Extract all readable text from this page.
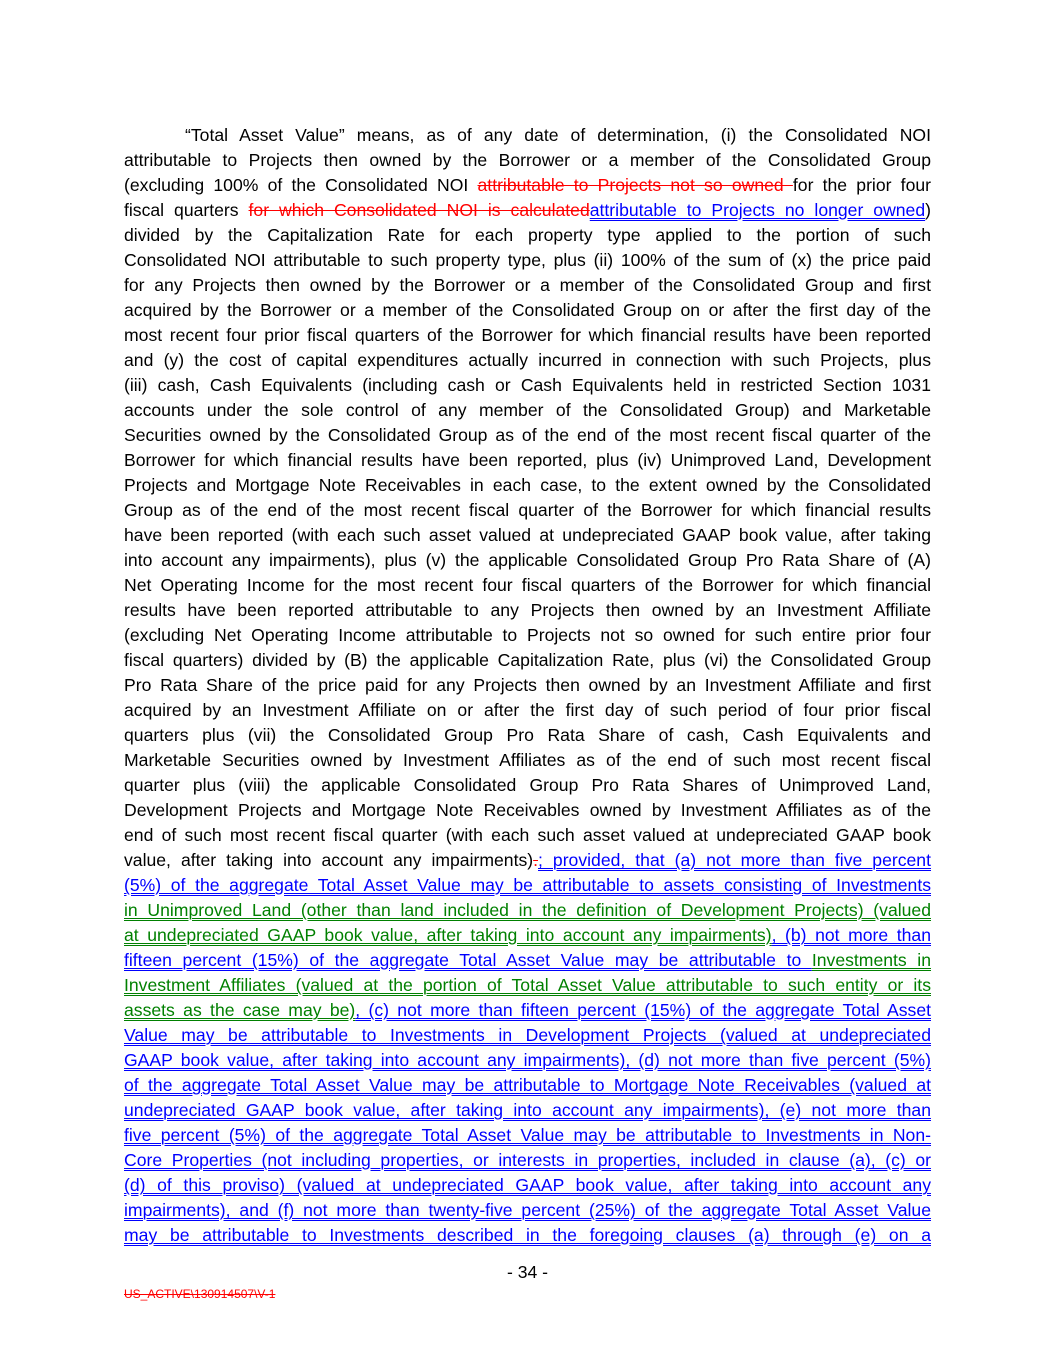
“Total Asset Value” means, as of any date of determination, (i) the Consolidated NOI
attributable to Projects then owned by the Borrower or a member of the Consolidated Group
(excluding 100% of the Consolidated NOI attributable to Projects not so owned for the prior four
fiscal quarters for which Consolidated NOI is calculatedattributable to Projects no longer owned)
divided by the Capitalization Rate for each property type applied to the portion of such
Consolidated NOI attributable to such property type, plus (ii) 100% of the sum of (x) the price paid
for any Projects then owned by the Borrower or a member of the Consolidated Group and first
acquired by the Borrower or a member of the Consolidated Group on or after the first day of the
most recent four prior fiscal quarters of the Borrower for which financial results have been reported
and (y) the cost of capital expenditures actually incurred in connection with such Projects, plus
(iii) cash, Cash Equivalents (including cash or Cash Equivalents held in restricted Section 1031
accounts under the sole control of any member of the Consolidated Group) and Marketable
Securities owned by the Consolidated Group as of the end of the most recent fiscal quarter of the
Borrower for which financial results have been reported, plus (iv) Unimproved Land, Development
Projects and Mortgage Note Receivables in each case, to the extent owned by the Consolidated
Group as of the end of the most recent fiscal quarter of the Borrower for which financial results
have been reported (with each such asset valued at undepreciated GAAP book value, after taking
into account any impairments), plus (v) the applicable Consolidated Group Pro Rata Share of (A)
Net Operating Income for the most recent four fiscal quarters of the Borrower for which financial
results have been reported attributable to any Projects then owned by an Investment Affiliate
(excluding Net Operating Income attributable to Projects not so owned for such entire prior four
fiscal quarters) divided by (B) the applicable Capitalization Rate, plus (vi) the Consolidated Group
Pro Rata Share of the price paid for any Projects then owned by an Investment Affiliate and first
acquired by an Investment Affiliate on or after the first day of such period of four prior fiscal
quarters plus (vii) the Consolidated Group Pro Rata Share of cash, Cash Equivalents and
Marketable Securities owned by Investment Affiliates as of the end of such most recent fiscal
quarter plus (viii) the applicable Consolidated Group Pro Rata Shares of Unimproved Land,
Development Projects and Mortgage Note Receivables owned by Investment Affiliates as of the
end of such most recent fiscal quarter (with each such asset valued at undepreciated GAAP book
value, after taking into account any impairments).; provided, that (a) not more than five percent
(5%) of the aggregate Total Asset Value may be attributable to assets consisting of Investments
in Unimproved Land (other than land included in the definition of Development Projects) (valued
at undepreciated GAAP book value, after taking into account any impairments), (b) not more than
fifteen percent (15%) of the aggregate Total Asset Value may be attributable to Investments in
Investment Affiliates (valued at the portion of Total Asset Value attributable to such entity or its
assets as the case may be), (c) not more than fifteen percent (15%) of the aggregate Total Asset
Value may be attributable to Investments in Development Projects (valued at undepreciated
GAAP book value, after taking into account any impairments), (d) not more than five percent (5%)
of the aggregate Total Asset Value may be attributable to Mortgage Note Receivables (valued at
undepreciated GAAP book value, after taking into account any impairments), (e) not more than
five percent (5%) of the aggregate Total Asset Value may be attributable to Investments in Non-
Core Properties (not including properties, or interests in properties, included in clause (a), (c) or
(d) of this proviso) (valued at undepreciated GAAP book value, after taking into account any
impairments), and (f) not more than twenty-five percent (25%) of the aggregate Total Asset Value
may be attributable to Investments described in the foregoing clauses (a) through (e) on a
- 34 -
US_ACTIVE\130914507\V-1
